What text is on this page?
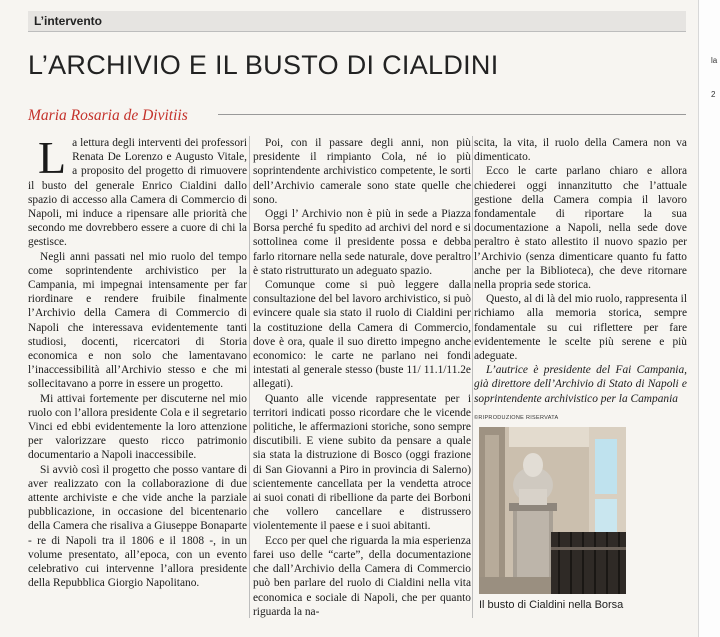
L’intervento
L’ARCHIVIO E IL BUSTO DI CIALDINI
Maria Rosaria de Divitiis

La lettura degli interventi dei professori Renata De Lorenzo e Augusto Vitale, a proposito del progetto di rimuovere il busto del generale Enrico Cialdini dallo spazio di accesso alla Camera di Commercio di Napoli, mi induce a ripensare alle priorità che secondo me dovrebbero essere a cuore di chi la gestisce.

Negli anni passati nel mio ruolo del tempo come soprintendente archivistico per la Campania, mi impegnai intensamente per far riordinare e rendere fruibile finalmente l’Archivio della Camera di Commercio di Napoli che interessava evidentemente tanti studiosi, docenti, ricercatori di Storia economica e non solo che lamentavano l’inaccessibilità all’Archivio stesso e che mi sollecitavano a porre in essere un progetto.

Mi attivai fortemente per discuterne nel mio ruolo con l’allora presidente Cola e il segretario Vinci ed ebbi evidentemente la loro attenzione per valorizzare questo ricco patrimonio documentario a Napoli inaccessibile.

Si avviò così il progetto che posso vantare di aver realizzato con la collaborazione di due attente archiviste e che vide anche la parziale pubblicazione, in occasione del bicentenario della Camera che risaliva a Giuseppe Bonaparte - re di Napoli tra il 1806 e il 1808 -, in un volume presentato, all’epoca, con un evento celebrativo cui intervenne l’allora presidente della Repubblica Giorgio Napolitano.

Poi, con il passare degli anni, non più presidente il rimpianto Cola, né io più soprintendente archivistico competente, le sorti dell’Archivio camerale sono state quelle che sono.

Oggi l’ Archivio non è più in sede a Piazza Borsa perché fu spedito ad archivi del nord e si sottolinea come il presidente possa e debba farlo ritornare nella sede naturale, dove peraltro è stato ristrutturato un adeguato spazio.

Comunque come si può leggere dalla consultazione del bel lavoro archivistico, si può evincere quale sia stato il ruolo di Cialdini per la costituzione della Camera di Commercio, dove è ora, quale il suo diretto impegno anche economico: le carte ne parlano nei fondi intestati al generale stesso (buste 11/ 11.1/11.2e allegati).

Quanto alle vicende rappresentate per i territori indicati posso ricordare che le vicende politiche, le affermazioni storiche, sono sempre discutibili. E viene subito da pensare a quale sia stata la distruzione di Bosco (oggi frazione di San Giovanni a Piro in provincia di Salerno) scientemente cancellata per la vendetta atroce ai suoi conati di ribellione da parte dei Borboni che vollero cancellare e distrussero violentemente il paese e i suoi abitanti.

Ecco per quel che riguarda la mia esperienza farei uso delle “carte”, della documentazione che dall’Archivio della Camera di Commercio può ben parlare del ruolo di Cialdini nella vita economica e sociale di Napoli, che per quanto riguarda la na-

scita, la vita, il ruolo della Camera non va dimenticato.

Ecco le carte parlano chiaro e allora chiederei oggi innanzitutto che l’attuale gestione della Camera compia il lavoro fondamentale di riportare la sua documentazione a Napoli, nella sede dove peraltro è stato allestito il nuovo spazio per l’Archivio (senza dimenticare quanto fu fatto anche per la Biblioteca), che deve ritornare nella propria sede storica.

Questo, al di là del mio ruolo, rappresenta il richiamo alla memoria storica, sempre fondamentale su cui riflettere per fare evidentemente le scelte più serene e più adeguate.

L’autrice è presidente del Fai Campania, già direttore dell’Archivio di Stato di Napoli e soprintendente archivistico per la Campania

©RIPRODUZIONE RISERVATA

Il busto di Cialdini nella Borsa
la
2
